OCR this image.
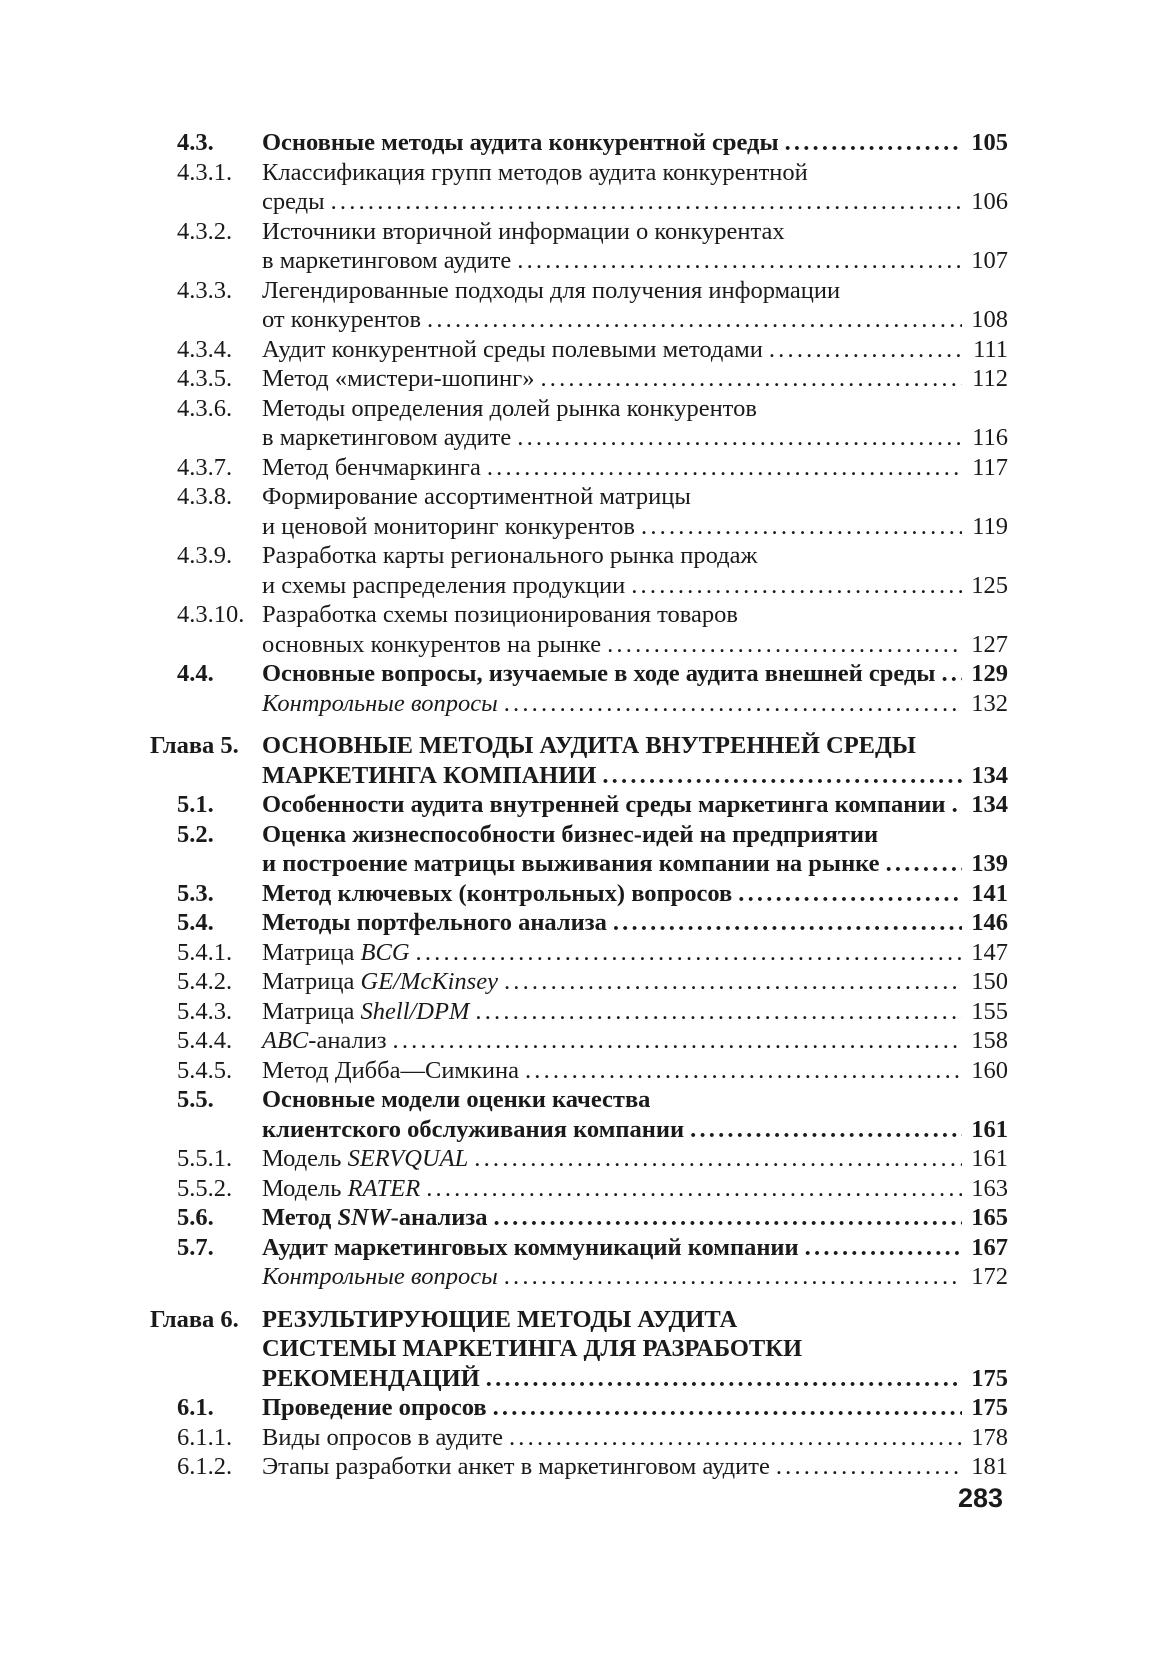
4.3.	Основные методы аудита конкурентной среды .....	105
4.3.1.	Классификация групп методов аудита конкурентной
среды .....	106
4.3.2.	Источники вторичной информации о конкурентах
в маркетинговом аудите .....	107
4.3.3.	Легендированные подходы для получения информации
от конкурентов .....	108
4.3.4.	Аудит конкурентной среды полевыми методами .....	111
4.3.5.	Метод «мистери-шопинг» .....	112
4.3.6.	Методы определения долей рынка конкурентов
в маркетинговом аудите .....	116
4.3.7.	Метод бенчмаркинга .....	117
4.3.8.	Формирование ассортиментной матрицы
и ценовой мониторинг конкурентов .....	119
4.3.9.	Разработка карты регионального рынка продаж
и схемы распределения продукции .....	125
4.3.10. Разработка схемы позиционирования товаров
основных конкурентов на рынке .....	127
4.4.	Основные вопросы, изучаемые в ходе аудита внешней среды ..... 129
Контрольные вопросы .....	132
Глава 5. ОСНОВНЫЕ МЕТОДЫ АУДИТА ВНУТРЕННЕЙ СРЕДЫ
МАРКЕТИНГА КОМПАНИИ .....	134
5.1.	Особенности аудита внутренней среды маркетинга компании ..... 134
5.2.	Оценка жизнеспособности бизнес-идей на предприятии
и построение матрицы выживания компании на рынке .....	139
5.3.	Метод ключевых (контрольных) вопросов .....	141
5.4.	Методы портфельного анализа .....	146
5.4.1.	Матрица BCG .....	147
5.4.2.	Матрица GE/McKinsey .....	150
5.4.3.	Матрица Shell/DPM .....	155
5.4.4.	ABC-анализ .....	158
5.4.5.	Метод Дибба—Симкина .....	160
5.5.	Основные модели оценки качества
клиентского обслуживания компании .....	161
5.5.1.	Модель SERVQUAL .....	161
5.5.2.	Модель RATER .....	163
5.6.	Метод SNW-анализа .....	165
5.7.	Аудит маркетинговых коммуникаций компании .....	167
Контрольные вопросы .....	172
Глава 6. РЕЗУЛЬТИРУЮЩИЕ МЕТОДЫ АУДИТА
СИСТЕМЫ МАРКЕТИНГА ДЛЯ РАЗРАБОТКИ
РЕКОМЕНДАЦИЙ .....	175
6.1.	Проведение опросов .....	175
6.1.1.	Виды опросов в аудите .....	178
6.1.2.	Этапы разработки анкет в маркетинговом аудите .....	181
283
